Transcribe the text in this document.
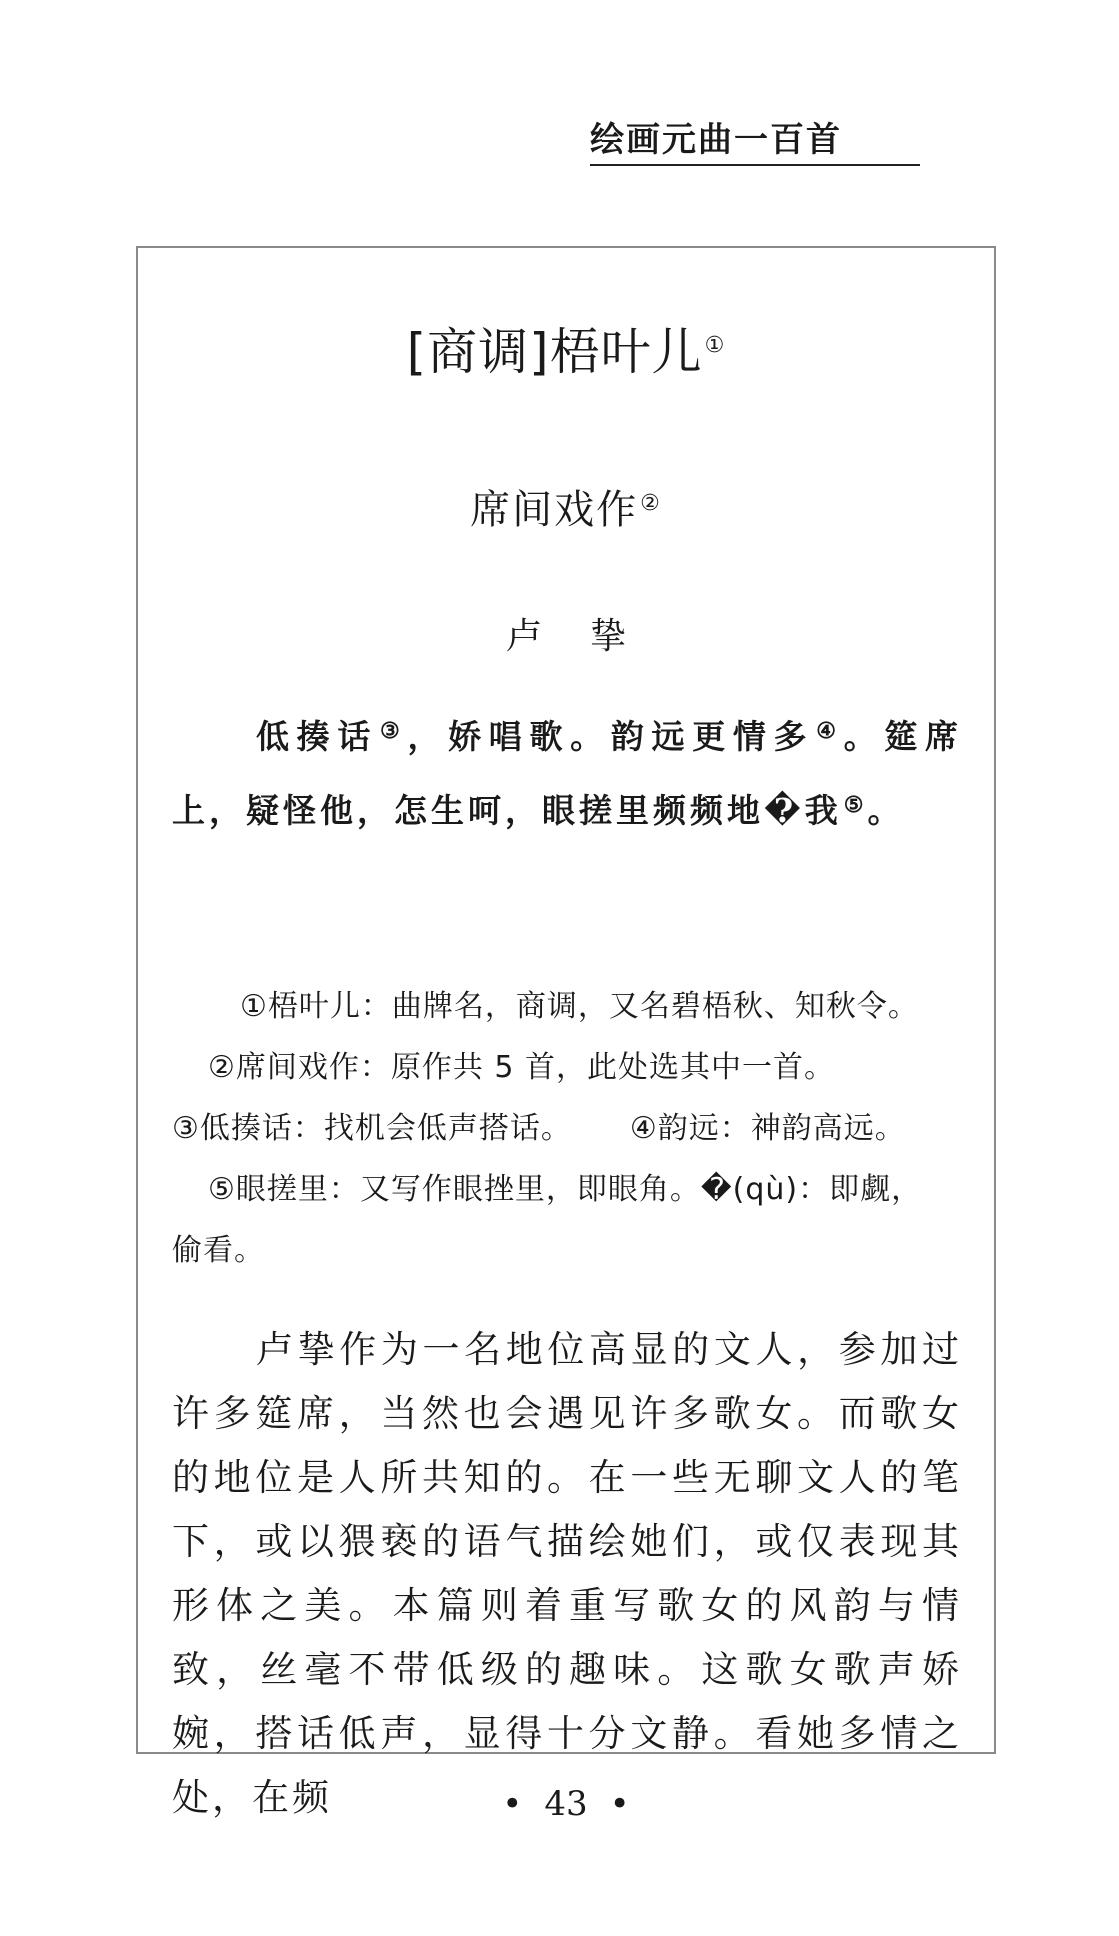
绘画元曲一百首
[商调]梧叶儿①
席间戏作②
卢挚

低揍话③，娇唱歌。韵远更情多④。筵席上，疑怪他，怎生呵，眼搓里频频地�我⑤。

①梧叶儿：曲牌名，商调，又名碧梧秋、知秋令。

②席间戏作：原作共 5 首，此处选其中一首。

③低揍话：找机会低声搭话。 ④韵远：神韵高远。

⑤眼搓里：又写作眼挫里，即眼角。�(qù)：即觑，

偷看。

卢挚作为一名地位高显的文人，参加过许多筵席，当然也会遇见许多歌女。而歌女的地位是人所共知的。在一些无聊文人的笔下，或以猥亵的语气描绘她们，或仅表现其形体之美。本篇则着重写歌女的风韵与情致，丝毫不带低级的趣味。这歌女歌声娇婉，搭话低声，显得十分文静。看她多情之处，在频	• 43 •
